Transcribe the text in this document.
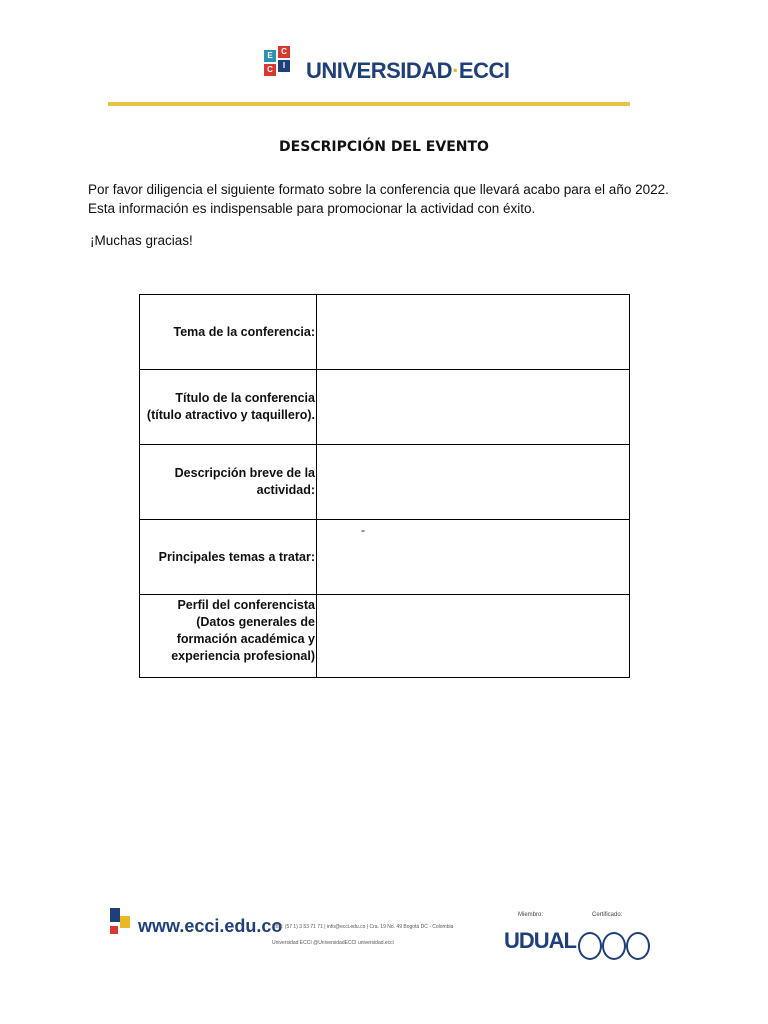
E	C
C	I UNIVERSIDAD·ECCI
DESCRIPCIÓN DEL EVENTO

Por favor diligencia el siguiente formato sobre la conferencia que llevará acabo para el año 2022.

Esta información es indispensable para promocionar la actividad con éxito.

¡Muchas gracias!
Tema de la conferencia:	
Título de la conferencia (título atractivo y taquillero).	
Descripción breve de la actividad:	
Principales temas a tratar:	-

Perfil del conferencista (Datos generales de formación académica y experiencia profesional)	
www.ecci.edu.co
PBX: (57 1) 3 53 71 71 | info@ecci.edu.co | Cra. 19 No. 49 Bogotá DC - Colombia
Universidad ECCI @UniversidadECCI universidad.ecci
Miembro:	Certificado:
UDUAL
